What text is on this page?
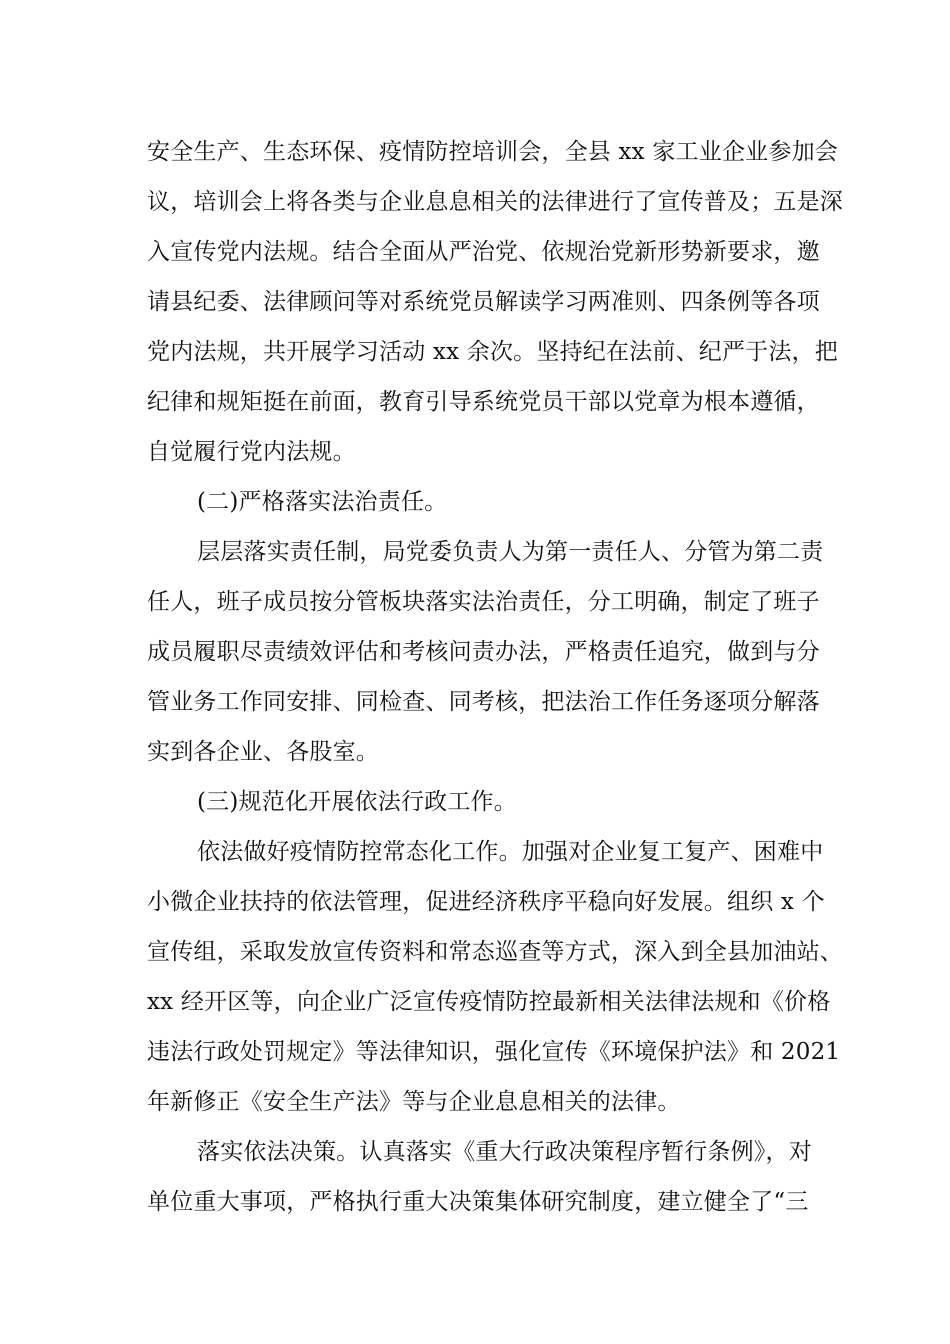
安全生产、生态环保、疫情防控培训会，全县 xx 家工业企业参加会
议，培训会上将各类与企业息息相关的法律进行了宣传普及；五是深
入宣传党内法规。结合全面从严治党、依规治党新形势新要求，邀
请县纪委、法律顾问等对系统党员解读学习两准则、四条例等各项
党内法规，共开展学习活动 xx 余次。坚持纪在法前、纪严于法，把
纪律和规矩挺在前面，教育引导系统党员干部以党章为根本遵循，
自觉履行党内法规。
(二)严格落实法治责任。
层层落实责任制，局党委负责人为第一责任人、分管为第二责
任人，班子成员按分管板块落实法治责任，分工明确，制定了班子
成员履职尽责绩效评估和考核问责办法，严格责任追究，做到与分
管业务工作同安排、同检查、同考核，把法治工作任务逐项分解落
实到各企业、各股室。
(三)规范化开展依法行政工作。
依法做好疫情防控常态化工作。加强对企业复工复产、困难中
小微企业扶持的依法管理，促进经济秩序平稳向好发展。组织 x 个
宣传组，采取发放宣传资料和常态巡查等方式，深入到全县加油站、
xx 经开区等，向企业广泛宣传疫情防控最新相关法律法规和《价格
违法行政处罚规定》等法律知识，强化宣传《环境保护法》和 2021
年新修正《安全生产法》等与企业息息相关的法律。
落实依法决策。认真落实《重大行政决策程序暂行条例》，对
单位重大事项，严格执行重大决策集体研究制度，建立健全了“三
